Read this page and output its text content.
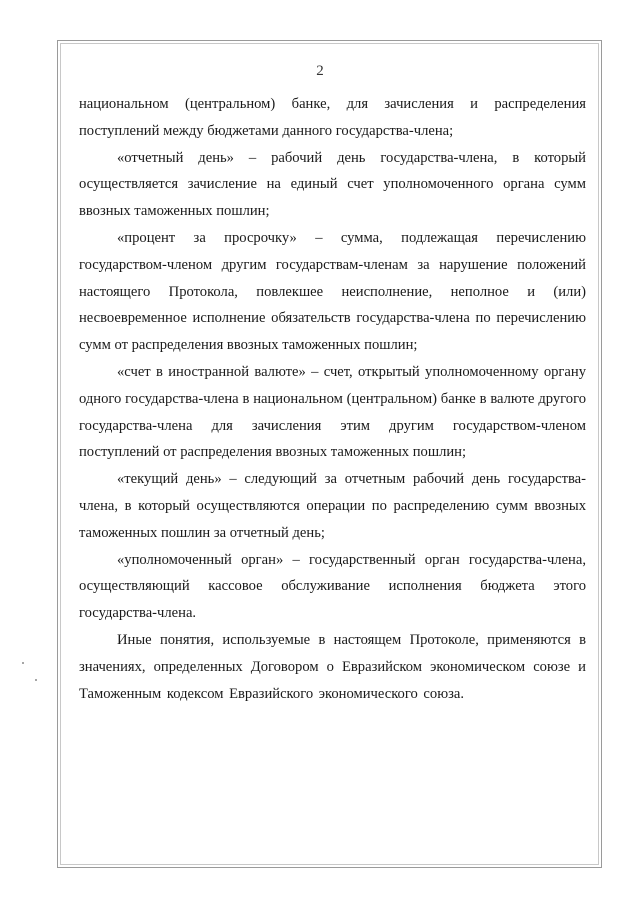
2

национальном (центральном) банке, для зачисления и распределения поступлений между бюджетами данного государства-члена;

«отчетный день» – рабочий день государства-члена, в который осуществляется зачисление на единый счет уполномоченного органа сумм ввозных таможенных пошлин;

«процент за просрочку» – сумма, подлежащая перечислению государством-членом другим государствам-членам за нарушение положений настоящего Протокола, повлекшее неисполнение, неполное и (или) несвоевременное исполнение обязательств государства-члена по перечислению сумм от распределения ввозных таможенных пошлин;

«счет в иностранной валюте» – счет, открытый уполномоченному органу одного государства-члена в национальном (центральном) банке в валюте другого государства-члена для зачисления этим другим государством-членом поступлений от распределения ввозных таможенных пошлин;

«текущий день» – следующий за отчетным рабочий день государства-члена, в который осуществляются операции по распределению сумм ввозных таможенных пошлин за отчетный день;

«уполномоченный орган» – государственный орган государства-члена, осуществляющий кассовое обслуживание исполнения бюджета этого государства-члена.

Иные понятия, используемые в настоящем Протоколе, применяются в значениях, определенных Договором о Евразийском экономическом союзе и Таможенным кодексом Евразийского экономического союза.
